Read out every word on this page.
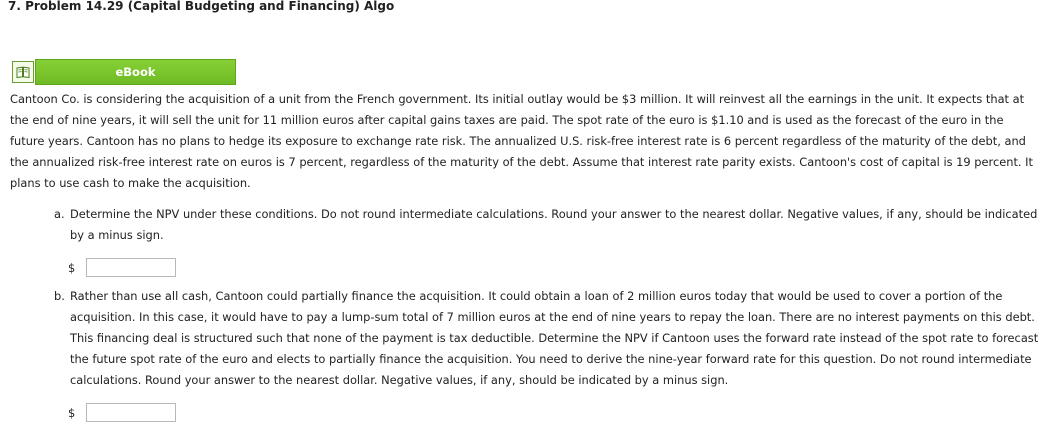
7. Problem 14.29 (Capital Budgeting and Financing) Algo
eBook
Cantoon Co. is considering the acquisition of a unit from the French government. Its initial outlay would be $3 million. It will reinvest all the earnings in the unit. It expects that at the end of nine years, it will sell the unit for 11 million euros after capital gains taxes are paid. The spot rate of the euro is $1.10 and is used as the forecast of the euro in the future years. Cantoon has no plans to hedge its exposure to exchange rate risk. The annualized U.S. risk-free interest rate is 6 percent regardless of the maturity of the debt, and the annualized risk-free interest rate on euros is 7 percent, regardless of the maturity of the debt. Assume that interest rate parity exists. Cantoon's cost of capital is 19 percent. It plans to use cash to make the acquisition.
a. Determine the NPV under these conditions. Do not round intermediate calculations. Round your answer to the nearest dollar. Negative values, if any, should be indicated by a minus sign.
$
b. Rather than use all cash, Cantoon could partially finance the acquisition. It could obtain a loan of 2 million euros today that would be used to cover a portion of the acquisition. In this case, it would have to pay a lump-sum total of 7 million euros at the end of nine years to repay the loan. There are no interest payments on this debt. This financing deal is structured such that none of the payment is tax deductible. Determine the NPV if Cantoon uses the forward rate instead of the spot rate to forecast the future spot rate of the euro and elects to partially finance the acquisition. You need to derive the nine-year forward rate for this question. Do not round intermediate calculations. Round your answer to the nearest dollar. Negative values, if any, should be indicated by a minus sign.
$
